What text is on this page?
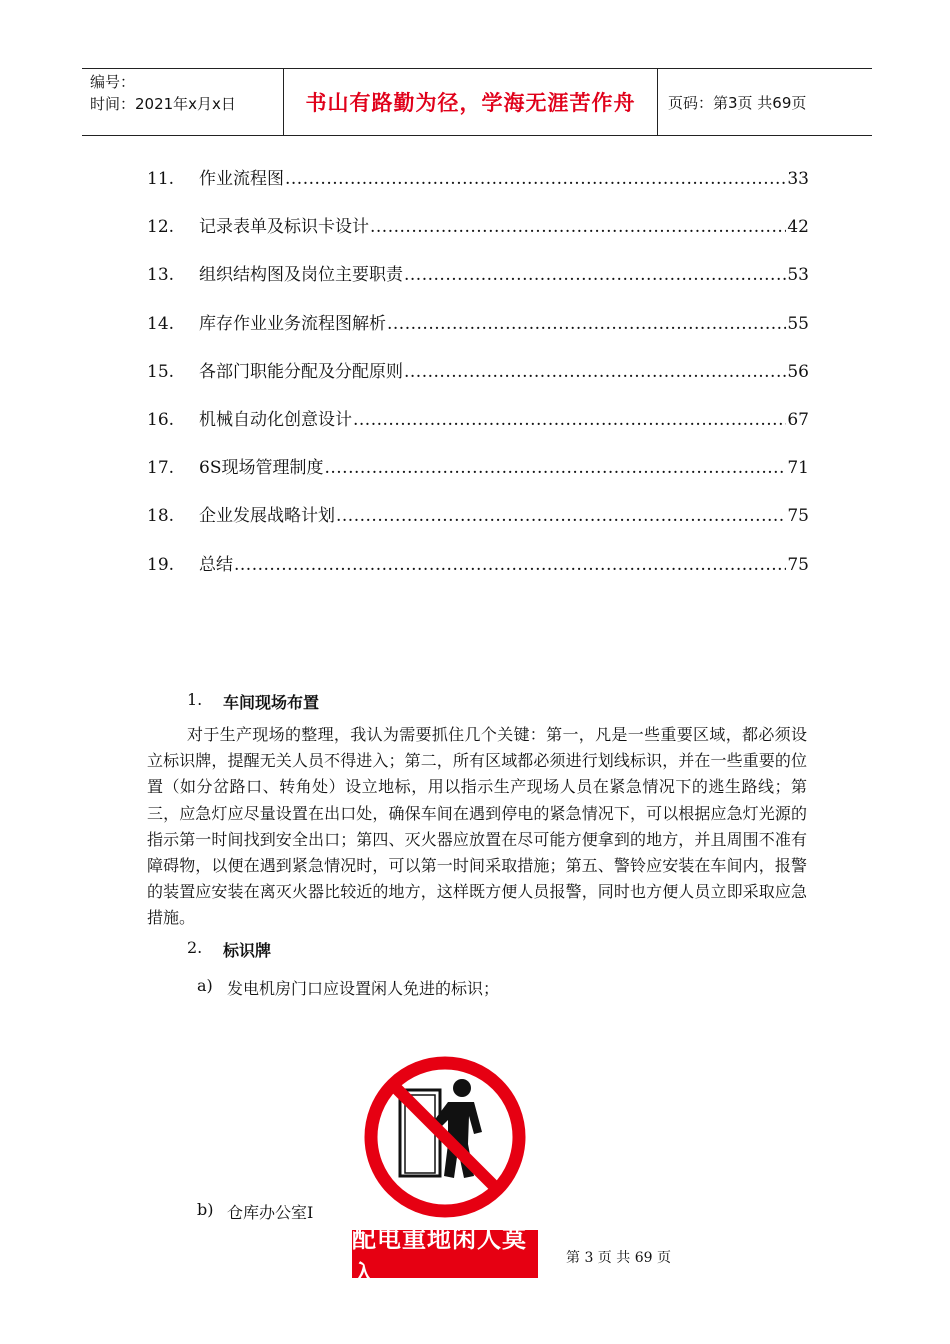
编号：
时间：2021年x月x日	书山有路勤为径，学海无涯苦作舟	页码：第3页 共69页
11.	作业流程图 .....	33
12.	记录表单及标识卡设计 .....	42
13.	组织结构图及岗位主要职责 .....	53
14.	库存作业业务流程图解析 .....	55
15.	各部门职能分配及分配原则 .....	56
16.	机械自动化创意设计 .....	67
17.	6S现场管理制度 .....	71
18.	企业发展战略计划 .....	75
19.	总结 .....	75
1.	车间现场布置
对于生产现场的整理，我认为需要抓住几个关键：第一，凡是一些重要区域，都必须设立标识牌，提醒无关人员不得进入；第二，所有区域都必须进行划线标识，并在一些重要的位置（如分岔路口、转角处）设立地标，用以指示生产现场人员在紧急情况下的逃生路线；第三，应急灯应尽量设置在出口处，确保车间在遇到停电的紧急情况下，可以根据应急灯光源的指示第一时间找到安全出口；第四、灭火器应放置在尽可能方便拿到的地方，并且周围不准有障碍物，以便在遇到紧急情况时，可以第一时间采取措施；第五、警铃应安装在车间内，报警的装置应安装在离灭火器比较近的地方，这样既方便人员报警，同时也方便人员立即采取应急措施。
2.	标识牌
a) 发电机房门口应设置闲人免进的标识；
b) 仓库办公室Ⅰ
配电重地闲人莫入
第 3 页 共 69 页
